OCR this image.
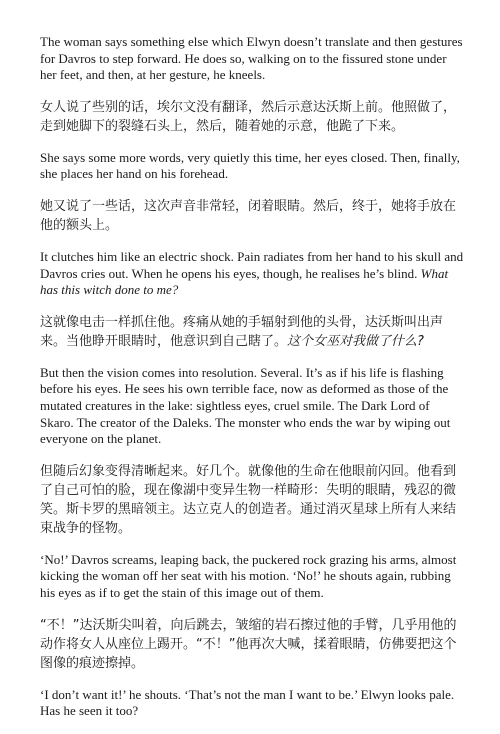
The woman says something else which Elwyn doesn’t translate and then gestures for Davros to step forward. He does so, walking on to the fissured stone under her feet, and then, at her gesture, he kneels.

女人说了些别的话，埃尔文没有翻译，然后示意达沃斯上前。他照做了，走到她脚下的裂缝石头上，然后，随着她的示意，他跪了下来。

She says some more words, very quietly this time, her eyes closed. Then, finally, she places her hand on his forehead.

她又说了一些话，这次声音非常轻，闭着眼睛。然后，终于，她将手放在他的额头上。

It clutches him like an electric shock. Pain radiates from her hand to his skull and Davros cries out. When he opens his eyes, though, he realises he’s blind. What has this witch done to me?

这就像电击一样抓住他。疼痛从她的手辐射到他的头骨，达沃斯叫出声来。当他睁开眼睛时，他意识到自己瞎了。这个女巫对我做了什么?

But then the vision comes into resolution. Several. It’s as if his life is flashing before his eyes. He sees his own terrible face, now as deformed as those of the mutated creatures in the lake: sightless eyes, cruel smile. The Dark Lord of Skaro. The creator of the Daleks. The monster who ends the war by wiping out everyone on the planet.

但随后幻象变得清晰起来。好几个。就像他的生命在他眼前闪回。他看到了自己可怕的脸，现在像湖中变异生物一样畸形：失明的眼睛，残忍的微笑。斯卡罗的黑暗领主。达立克人的创造者。通过消灭星球上所有人来结束战争的怪物。

‘No!’ Davros screams, leaping back, the puckered rock grazing his arms, almost kicking the woman off her seat with his motion. ‘No!’ he shouts again, rubbing his eyes as if to get the stain of this image out of them.

“不！”达沃斯尖叫着，向后跳去，皱缩的岩石擦过他的手臂，几乎用他的动作将女人从座位上踢开。“不！”他再次大喊，揉着眼睛，仿佛要把这个图像的痕迹擦掉。

‘I don’t want it!’ he shouts. ‘That’s not the man I want to be.’ Elwyn looks pale. Has he seen it too?
